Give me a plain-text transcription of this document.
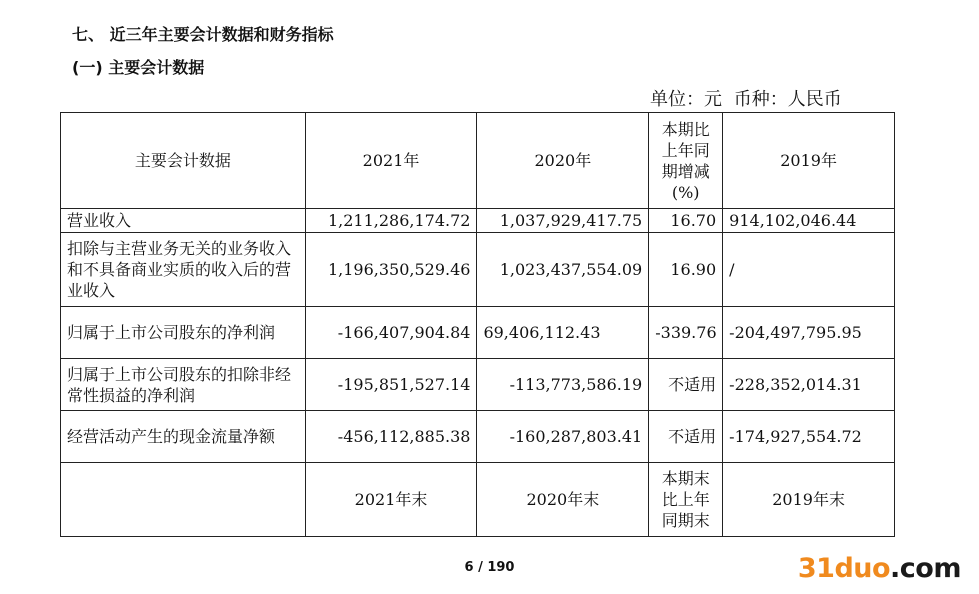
七、 近三年主要会计数据和财务指标
(一) 主要会计数据
单位：元 币种：人民币
主要会计数据	2021年	2020年	本期比上年同期增减(%)	2019年
营业收入	1,211,286,174.72	1,037,929,417.75	16.70	914,102,046.44
扣除与主营业务无关的业务收入和不具备商业实质的收入后的营业收入	1,196,350,529.46	1,023,437,554.09	16.90	/
归属于上市公司股东的净利润	-166,407,904.84	69,406,112.43	-339.76	-204,497,795.95
归属于上市公司股东的扣除非经常性损益的净利润	-195,851,527.14	-113,773,586.19	不适用	-228,352,014.31
经营活动产生的现金流量净额	-456,112,885.38	-160,287,803.41	不适用	-174,927,554.72
	2021年末	2020年末	本期末比上年同期末	2019年末
6 / 190	31duo.com
